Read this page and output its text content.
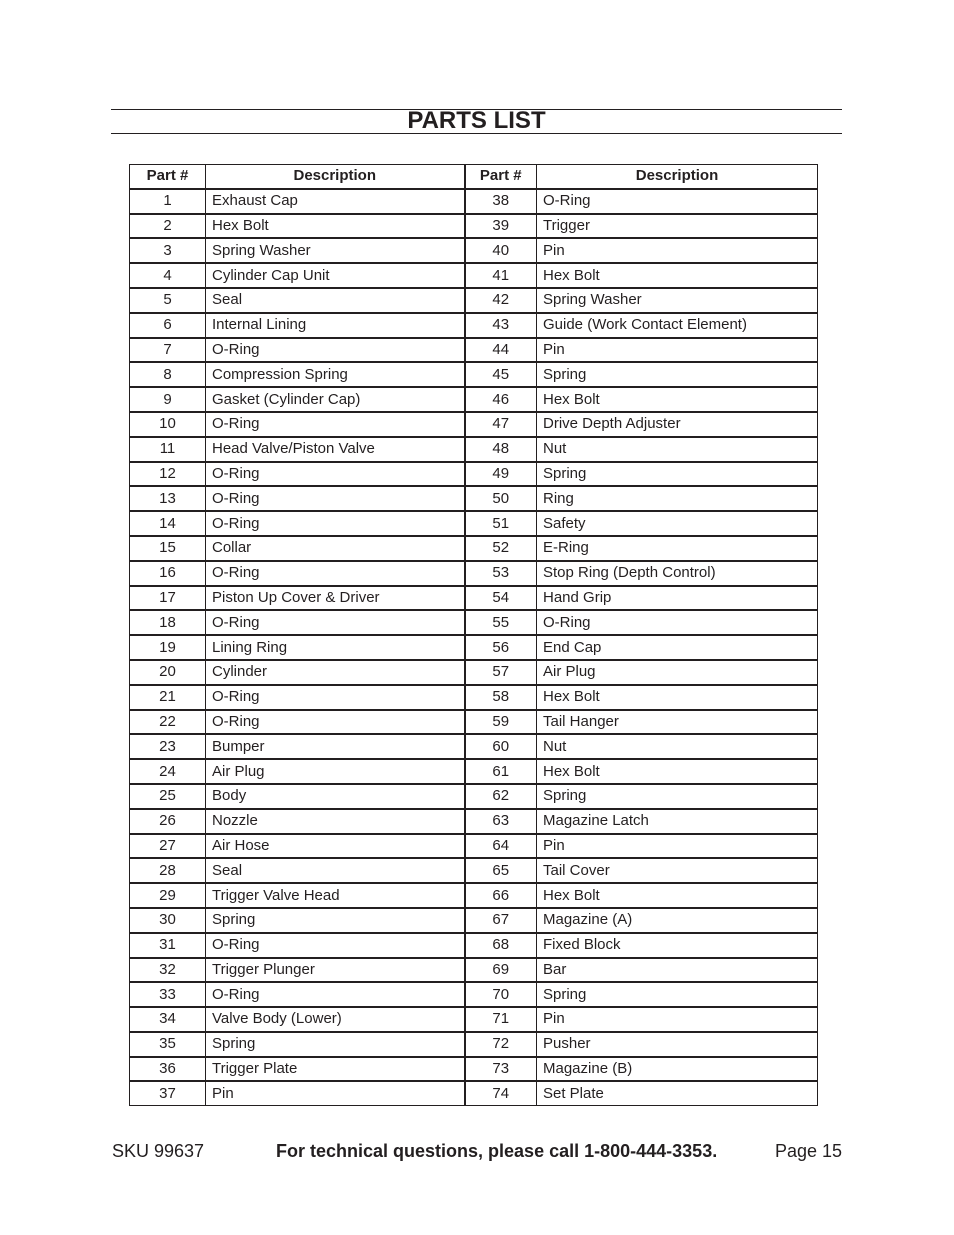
PARTS LIST
Part #	Description	Part #	Description
1	Exhaust Cap	38	O-Ring
2	Hex Bolt	39	Trigger
3	Spring Washer	40	Pin
4	Cylinder Cap Unit	41	Hex Bolt
5	Seal	42	Spring Washer
6	Internal Lining	43	Guide (Work Contact Element)
7	O-Ring	44	Pin
8	Compression Spring	45	Spring
9	Gasket (Cylinder Cap)	46	Hex Bolt
10	O-Ring	47	Drive Depth Adjuster
11	Head Valve/Piston Valve	48	Nut
12	O-Ring	49	Spring
13	O-Ring	50	Ring
14	O-Ring	51	Safety
15	Collar	52	E-Ring
16	O-Ring	53	Stop Ring (Depth Control)
17	Piston Up Cover & Driver	54	Hand Grip
18	O-Ring	55	O-Ring
19	Lining Ring	56	End Cap
20	Cylinder	57	Air Plug
21	O-Ring	58	Hex Bolt
22	O-Ring	59	Tail Hanger
23	Bumper	60	Nut
24	Air Plug	61	Hex Bolt
25	Body	62	Spring
26	Nozzle	63	Magazine Latch
27	Air Hose	64	Pin
28	Seal	65	Tail Cover
29	Trigger Valve Head	66	Hex Bolt
30	Spring	67	Magazine (A)
31	O-Ring	68	Fixed Block
32	Trigger Plunger	69	Bar
33	O-Ring	70	Spring
34	Valve Body (Lower)	71	Pin
35	Spring	72	Pusher
36	Trigger Plate	73	Magazine (B)
37	Pin	74	Set Plate
SKU 99637	For technical questions, please call 1-800-444-3353.	Page 15
